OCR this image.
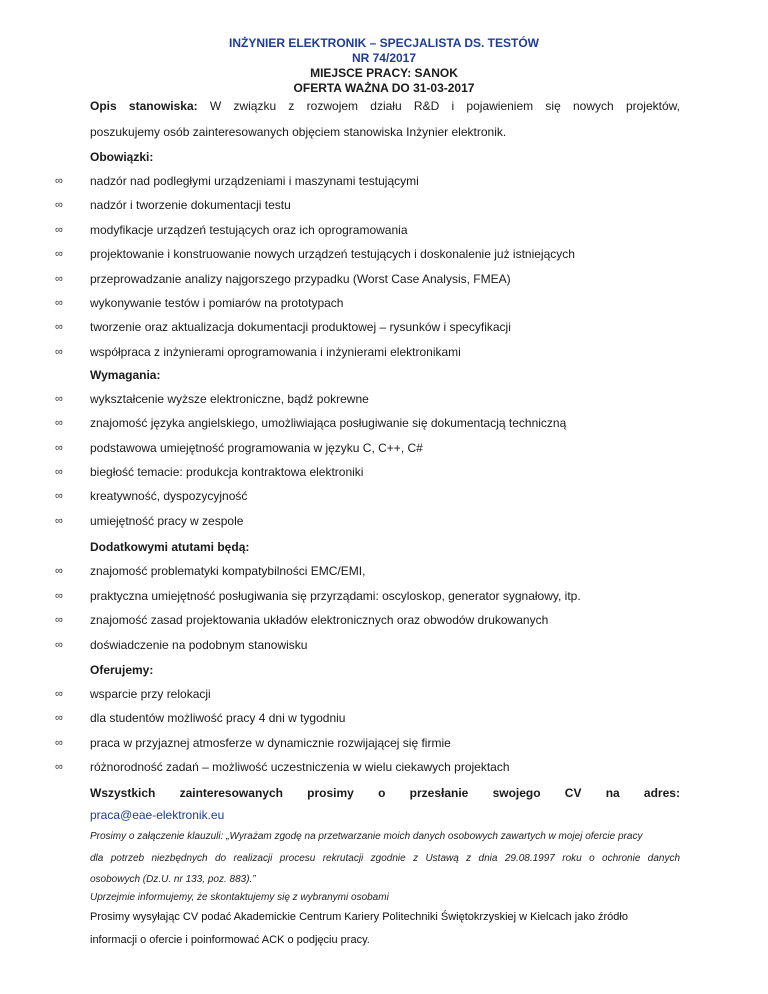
INŻYNIER ELEKTRONIK – SPECJALISTA DS. TESTÓW
NR 74/2017
MIEJSCE PRACY: SANOK
OFERTA WAŻNA DO 31-03-2017
Opis stanowiska: W związku z rozwojem działu R&D i pojawieniem się nowych projektów,
poszukujemy osób zainteresowanych objęciem stanowiska Inżynier elektronik.
Obowiązki:
∞ nadzór nad podległymi urządzeniami i maszynami testującymi
∞ nadzór i tworzenie dokumentacji testu
∞ modyfikacje urządzeń testujących oraz ich oprogramowania
∞ projektowanie i konstruowanie nowych urządzeń testujących i doskonalenie już istniejących
∞ przeprowadzanie analizy najgorszego przypadku (Worst Case Analysis, FMEA)
∞ wykonywanie testów i pomiarów na prototypach
∞ tworzenie oraz aktualizacja dokumentacji produktowej – rysunków i specyfikacji
∞ współpraca z inżynierami oprogramowania i inżynierami elektronikami
Wymagania:
∞ wykształcenie wyższe elektroniczne, bądź pokrewne
∞ znajomość języka angielskiego, umożliwiająca posługiwanie się dokumentacją techniczną
∞ podstawowa umiejętność programowania w języku C, C++, C#
∞ biegłość temacie: produkcja kontraktowa elektroniki
∞ kreatywność, dyspozycyjność
∞ umiejętność pracy w zespole
Dodatkowymi atutami będą:
∞ znajomość problematyki kompatybilności EMC/EMI,
∞ praktyczna umiejętność posługiwania się przyrządami: oscyloskop, generator sygnałowy, itp.
∞ znajomość zasad projektowania układów elektronicznych oraz obwodów drukowanych
∞ doświadczenie na podobnym stanowisku
Oferujemy:
∞ wsparcie przy relokacji
∞ dla studentów możliwość pracy 4 dni w tygodniu
∞ praca w przyjaznej atmosferze w dynamicznie rozwijającej się firmie
∞ różnorodność zadań – możliwość uczestniczenia w wielu ciekawych projektach
Wszystkich zainteresowanych prosimy o przesłanie swojego CV na adres:
praca@eae-elektronik.eu
Prosimy o załączenie klauzuli: „Wyrażam zgodę na przetwarzanie moich danych osobowych zawartych w mojej ofercie pracy
dla potrzeb niezbędnych do realizacji procesu rekrutacji zgodnie z Ustawą z dnia 29.08.1997 roku o ochronie danych
osobowych (Dz.U. nr 133, poz. 883).”
Uprzejmie informujemy, że skontaktujemy się z wybranymi osobami
Prosimy wysyłając CV podać Akademickie Centrum Kariery Politechniki Świętokrzyskiej w Kielcach jako źródło
informacji o ofercie i poinformować ACK o podjęciu pracy.
